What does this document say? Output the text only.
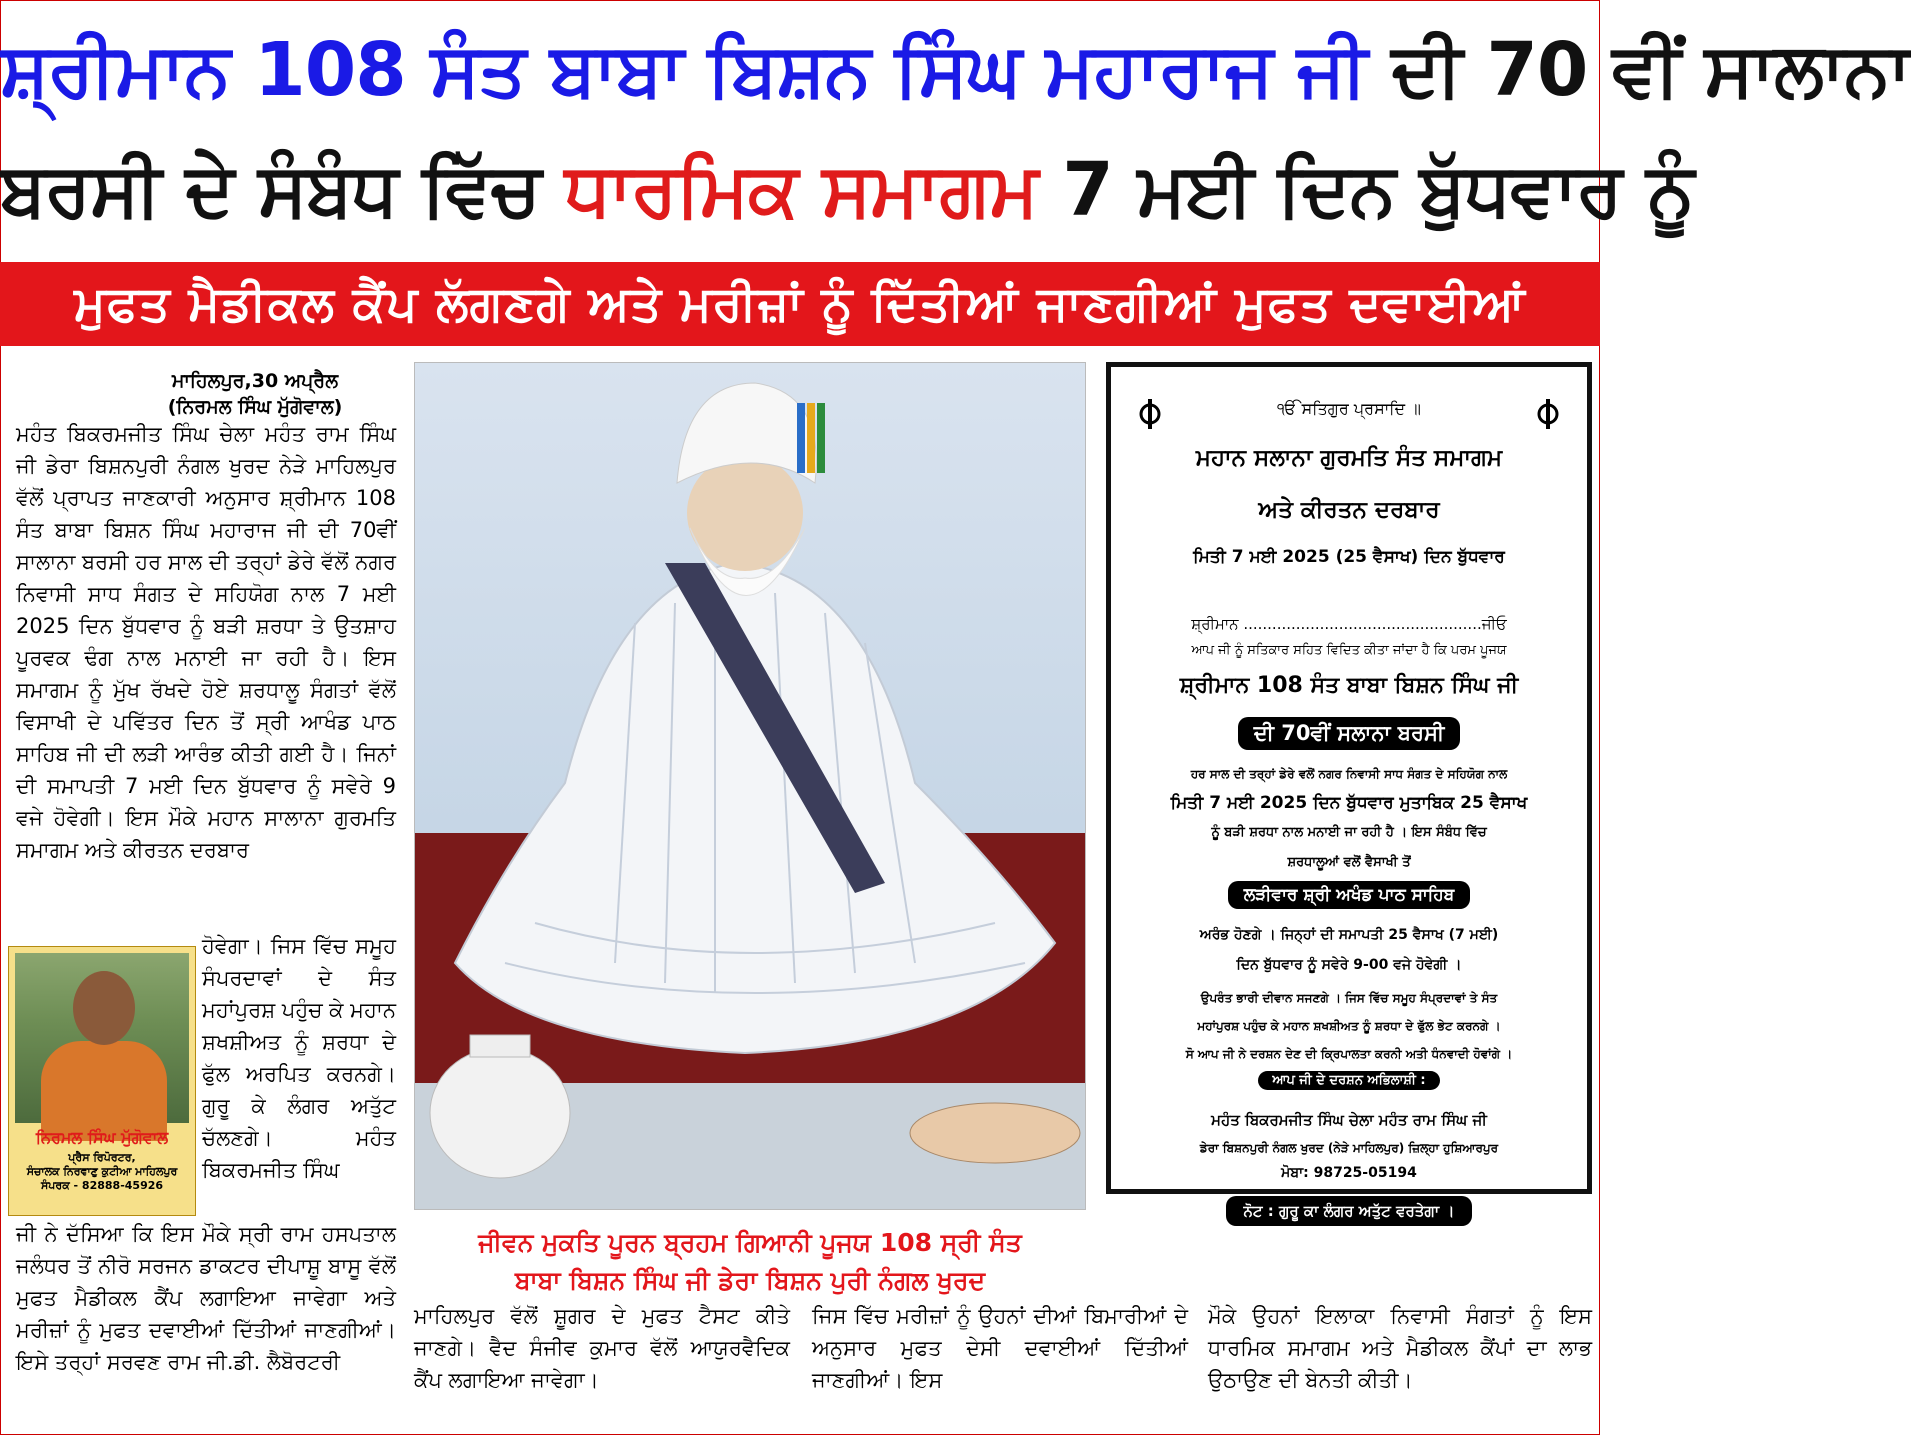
ਸ਼੍ਰੀਮਾਨ 108 ਸੰਤ ਬਾਬਾ ਬਿਸ਼ਨ ਸਿੰਘ ਮਹਾਰਾਜ ਜੀ ਦੀ 70 ਵੀਂ ਸਾਲਾਨਾ
ਬਰਸੀ ਦੇ ਸੰਬੰਧ ਵਿੱਚ ਧਾਰਮਿਕ ਸਮਾਗਮ 7 ਮਈ ਦਿਨ ਬੁੱਧਵਾਰ ਨੂੰ
ਮੁਫਤ ਮੈਡੀਕਲ ਕੈਂਪ ਲੱਗਣਗੇ ਅਤੇ ਮਰੀਜ਼ਾਂ ਨੂੰ ਦਿੱਤੀਆਂ ਜਾਣਗੀਆਂ ਮੁਫਤ ਦਵਾਈਆਂ
ਮਾਹਿਲਪੁਰ,30 ਅਪ੍ਰੈਲ
(ਨਿਰਮਲ ਸਿੰਘ ਮੁੱਗੋਵਾਲ)
ਮਹੰਤ ਬਿਕਰਮਜੀਤ ਸਿੰਘ ਚੇਲਾ ਮਹੰਤ ਰਾਮ ਸਿੰਘ ਜੀ ਡੇਰਾ ਬਿਸ਼ਨਪੁਰੀ ਨੰਗਲ ਖੁਰਦ ਨੇੜੇ ਮਾਹਿਲਪੁਰ ਵੱਲੋਂ ਪ੍ਰਾਪਤ ਜਾਣਕਾਰੀ ਅਨੁਸਾਰ ਸ਼੍ਰੀਮਾਨ 108 ਸੰਤ ਬਾਬਾ ਬਿਸ਼ਨ ਸਿੰਘ ਮਹਾਰਾਜ ਜੀ ਦੀ 70ਵੀਂ ਸਾਲਾਨਾ ਬਰਸੀ ਹਰ ਸਾਲ ਦੀ ਤਰ੍ਹਾਂ ਡੇਰੇ ਵੱਲੋਂ ਨਗਰ ਨਿਵਾਸੀ ਸਾਧ ਸੰਗਤ ਦੇ ਸਹਿਯੋਗ ਨਾਲ 7 ਮਈ 2025 ਦਿਨ ਬੁੱਧਵਾਰ ਨੂੰ ਬੜੀ ਸ਼ਰਧਾ ਤੇ ਉਤਸ਼ਾਹ ਪੂਰਵਕ ਢੰਗ ਨਾਲ ਮਨਾਈ ਜਾ ਰਹੀ ਹੈ। ਇਸ ਸਮਾਗਮ ਨੂੰ ਮੁੱਖ ਰੱਖਦੇ ਹੋਏ ਸ਼ਰਧਾਲੂ ਸੰਗਤਾਂ ਵੱਲੋਂ ਵਿਸਾਖੀ ਦੇ ਪਵਿੱਤਰ ਦਿਨ ਤੋਂ ਸ੍ਰੀ ਆਖੰਡ ਪਾਠ ਸਾਹਿਬ ਜੀ ਦੀ ਲੜੀ ਆਰੰਭ ਕੀਤੀ ਗਈ ਹੈ। ਜਿਨਾਂ ਦੀ ਸਮਾਪਤੀ 7 ਮਈ ਦਿਨ ਬੁੱਧਵਾਰ ਨੂੰ ਸਵੇਰੇ 9 ਵਜੇ ਹੋਵੇਗੀ। ਇਸ ਮੌਕੇ ਮਹਾਨ ਸਾਲਾਨਾ ਗੁਰਮਤਿ ਸਮਾਗਮ ਅਤੇ ਕੀਰਤਨ ਦਰਬਾਰ
ਨਿਰਮਲ ਸਿੰਘ ਮੁੱਗੋਵਾਲ
ਪ੍ਰੈਸ ਰਿਪੋਰਟਰ,
ਸੰਚਾਲਕ ਨਿਰਵਾਣੁ ਕੁਟੀਆ ਮਾਹਿਲਪੁਰ
ਸੰਪਰਕ - 82888-45926
ਹੋਵੇਗਾ। ਜਿਸ ਵਿੱਚ ਸਮੂਹ ਸੰਪਰਦਾਵਾਂ ਦੇ ਸੰਤ ਮਹਾਂਪੁਰਸ਼ ਪਹੁੰਚ ਕੇ ਮਹਾਨ ਸ਼ਖਸ਼ੀਅਤ ਨੂੰ ਸ਼ਰਧਾ ਦੇ ਫੁੱਲ ਅਰਪਿਤ ਕਰਨਗੇ। ਗੁਰੂ ਕੇ ਲੰਗਰ ਅਤੁੱਟ ਚੱਲਣਗੇ। ਮਹੰਤ ਬਿਕਰਮਜੀਤ ਸਿੰਘ
ਜੀ ਨੇ ਦੱਸਿਆ ਕਿ ਇਸ ਮੌਕੇ ਸ੍ਰੀ ਰਾਮ ਹਸਪਤਾਲ ਜਲੰਧਰ ਤੋਂ ਨੀਰੋ ਸਰਜਨ ਡਾਕਟਰ ਦੀਪਾਸ਼ੂ ਬਾਸੂ ਵੱਲੋਂ ਮੁਫਤ ਮੈਡੀਕਲ ਕੈਂਪ ਲਗਾਇਆ ਜਾਵੇਗਾ ਅਤੇ ਮਰੀਜ਼ਾਂ ਨੂੰ ਮੁਫਤ ਦਵਾਈਆਂ ਦਿੱਤੀਆਂ ਜਾਣਗੀਆਂ। ਇਸੇ ਤਰ੍ਹਾਂ ਸਰਵਣ ਰਾਮ ਜੀ.ਡੀ. ਲੈਬੋਰਟਰੀ
ਜੀਵਨ ਮੁਕਤਿ ਪੂਰਨ ਬ੍ਰਹਮ ਗਿਆਨੀ ਪੂਜਯ 108 ਸ੍ਰੀ ਸੰਤ
ਬਾਬਾ ਬਿਸ਼ਨ ਸਿੰਘ ਜੀ ਡੇਰਾ ਬਿਸ਼ਨ ਪੁਰੀ ਨੰਗਲ ਖੁਰਦ
ੴ ਸਤਿਗੁਰ ਪ੍ਰਸਾਦਿ ॥
ਮਹਾਨ ਸਲਾਨਾ ਗੁਰਮਤਿ ਸੰਤ ਸਮਾਗਮ
ਅਤੇ ਕੀਰਤਨ ਦਰਬਾਰ
ਮਿਤੀ 7 ਮਈ 2025 (25 ਵੈਸਾਖ) ਦਿਨ ਬੁੱਧਵਾਰ
ਸ਼੍ਰੀਮਾਨ ..................................................ਜੀਓ
ਆਪ ਜੀ ਨੂੰ ਸਤਿਕਾਰ ਸਹਿਤ ਵਿਦਿਤ ਕੀਤਾ ਜਾਂਦਾ ਹੈ ਕਿ ਪਰਮ ਪੂਜਯ
ਸ਼੍ਰੀਮਾਨ 108 ਸੰਤ ਬਾਬਾ ਬਿਸ਼ਨ ਸਿੰਘ ਜੀ
ਦੀ 70ਵੀਂ ਸਲਾਨਾ ਬਰਸੀ
ਹਰ ਸਾਲ ਦੀ ਤਰ੍ਹਾਂ ਡੇਰੇ ਵਲੋਂ ਨਗਰ ਨਿਵਾਸੀ ਸਾਧ ਸੰਗਤ ਦੇ ਸਹਿਯੋਗ ਨਾਲ
ਮਿਤੀ 7 ਮਈ 2025 ਦਿਨ ਬੁੱਧਵਾਰ ਮੁਤਾਬਿਕ 25 ਵੈਸਾਖ
ਨੂੰ ਬੜੀ ਸ਼ਰਧਾ ਨਾਲ ਮਨਾਈ ਜਾ ਰਹੀ ਹੈ । ਇਸ ਸੰਬੰਧ ਵਿੱਚ
ਸ਼ਰਧਾਲੂਆਂ ਵਲੋਂ ਵੈਸਾਖੀ ਤੋਂ
ਲੜੀਵਾਰ ਸ਼੍ਰੀ ਅਖੰਡ ਪਾਠ ਸਾਹਿਬ
ਅਰੰਭ ਹੋਣਗੇ । ਜਿਨ੍ਹਾਂ ਦੀ ਸਮਾਪਤੀ 25 ਵੈਸਾਖ (7 ਮਈ)
ਦਿਨ ਬੁੱਧਵਾਰ ਨੂੰ ਸਵੇਰੇ 9-00 ਵਜੇ ਹੋਵੇਗੀ ।
ਉਪਰੰਤ ਭਾਰੀ ਦੀਵਾਨ ਸਜਣਗੇ । ਜਿਸ ਵਿੱਚ ਸਮੂਹ ਸੰਪ੍ਰਦਾਵਾਂ ਤੇ ਸੰਤ
ਮਹਾਂਪੁਰਸ਼ ਪਹੁੰਚ ਕੇ ਮਹਾਨ ਸ਼ਖਸ਼ੀਅਤ ਨੂੰ ਸ਼ਰਧਾ ਦੇ ਫੁੱਲ ਭੇਟ ਕਰਨਗੇ ।
ਸੋ ਆਪ ਜੀ ਨੇ ਦਰਸ਼ਨ ਦੇਣ ਦੀ ਕ੍ਰਿਪਾਲਤਾ ਕਰਨੀ ਅਤੀ ਧੰਨਵਾਦੀ ਹੋਵਾਂਗੇ ।
ਆਪ ਜੀ ਦੇ ਦਰਸ਼ਨ ਅਭਿਲਾਸ਼ੀ :
ਮਹੰਤ ਬਿਕਰਮਜੀਤ ਸਿੰਘ ਚੇਲਾ ਮਹੰਤ ਰਾਮ ਸਿੰਘ ਜੀ
ਡੇਰਾ ਬਿਸ਼ਨਪੁਰੀ ਨੰਗਲ ਖੁਰਦ (ਨੇੜੇ ਮਾਹਿਲਪੁਰ) ਜ਼ਿਲ੍ਹਾ ਹੁਸ਼ਿਆਰਪੁਰ
ਮੋਬਾ: 98725-05194
ਨੋਟ : ਗੁਰੂ ਕਾ ਲੰਗਰ ਅਤੁੱਟ ਵਰਤੇਗਾ ।
ਮਾਹਿਲਪੁਰ ਵੱਲੋਂ ਸ਼ੂਗਰ ਦੇ ਮੁਫਤ ਟੈਸਟ ਕੀਤੇ ਜਾਣਗੇ। ਵੈਦ ਸੰਜੀਵ ਕੁਮਾਰ ਵੱਲੋਂ ਆਯੁਰਵੈਦਿਕ ਕੈਂਪ ਲਗਾਇਆ ਜਾਵੇਗਾ।
ਜਿਸ ਵਿੱਚ ਮਰੀਜ਼ਾਂ ਨੂੰ ਉਹਨਾਂ ਦੀਆਂ ਬਿਮਾਰੀਆਂ ਦੇ ਅਨੁਸਾਰ ਮੁਫਤ ਦੇਸੀ ਦਵਾਈਆਂ ਦਿੱਤੀਆਂ ਜਾਣਗੀਆਂ। ਇਸ
ਮੌਕੇ ਉਹਨਾਂ ਇਲਾਕਾ ਨਿਵਾਸੀ ਸੰਗਤਾਂ ਨੂੰ ਇਸ ਧਾਰਮਿਕ ਸਮਾਗਮ ਅਤੇ ਮੈਡੀਕਲ ਕੈਂਪਾਂ ਦਾ ਲਾਭ ਉਠਾਉਣ ਦੀ ਬੇਨਤੀ ਕੀਤੀ।
